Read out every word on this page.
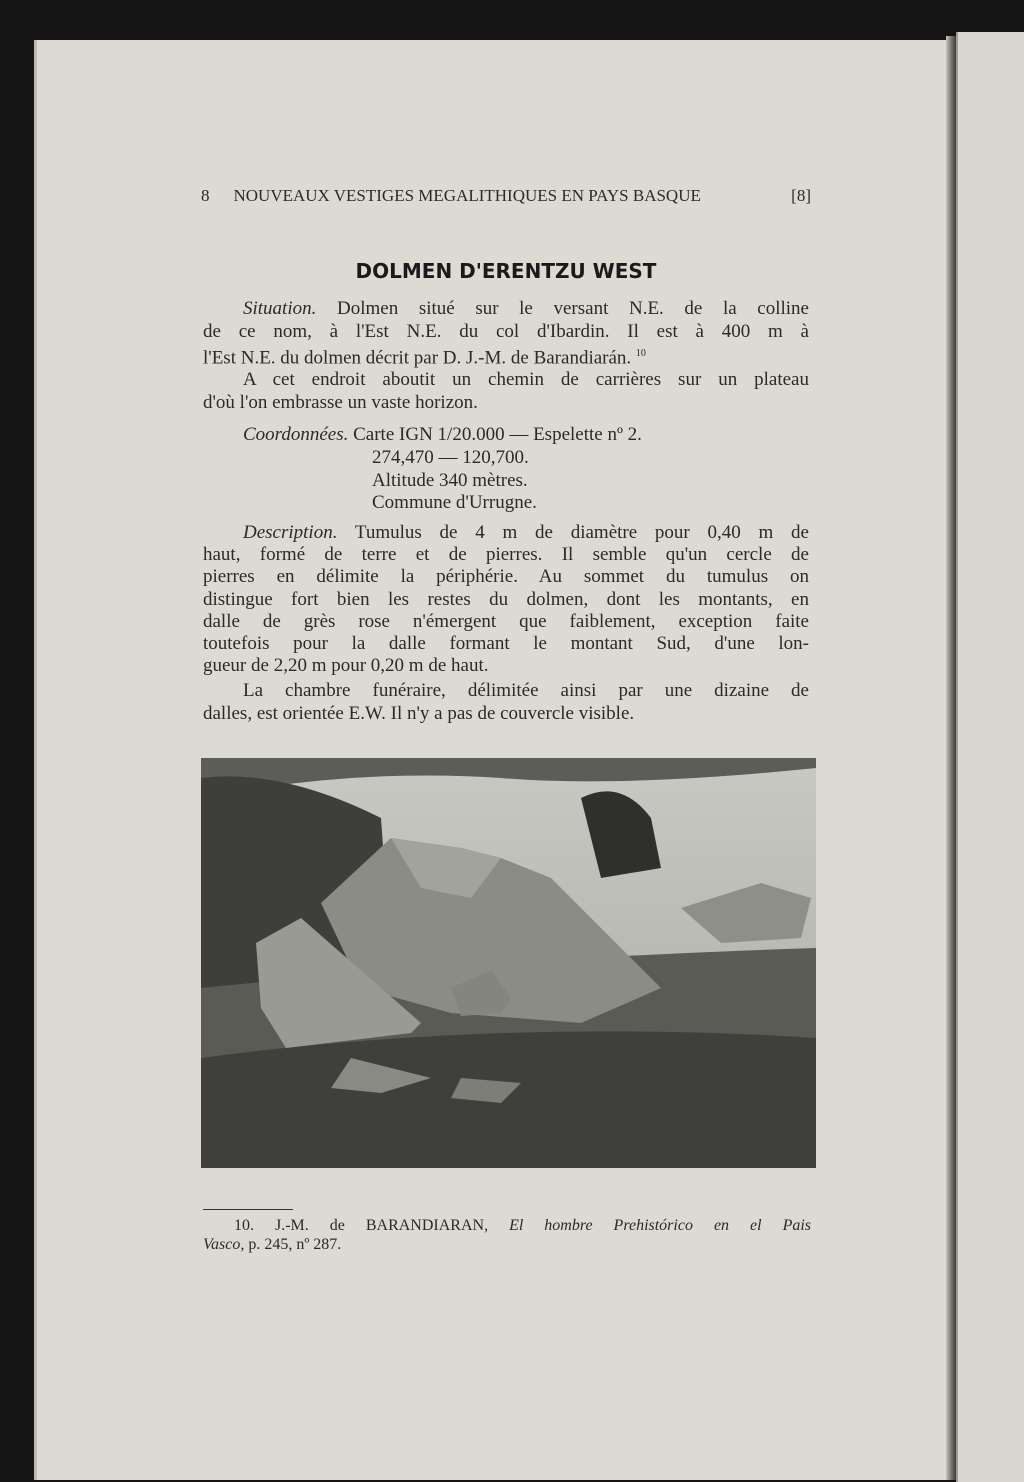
8 NOUVEAUX VESTIGES MEGALITHIQUES EN PAYS BASQUE	[8]
DOLMEN D'ERENTZU WEST
Situation. Dolmen situé sur le versant N.E. de la colline
de ce nom, à l'Est N.E. du col d'Ibardin. Il est à 400 m à
l'Est N.E. du dolmen décrit par D. J.-M. de Barandiarán. $^{10}$
A cet endroit aboutit un chemin de carrières sur un plateau
d'où l'on embrasse un vaste horizon.
Coordonnées. Carte IGN 1/20.000 — Espelette nº 2.
274,470 — 120,700.
Altitude 340 mètres.
Commune d'Urrugne.
Description. Tumulus de 4 m de diamètre pour 0,40 m de
haut, formé de terre et de pierres. Il semble qu'un cercle de
pierres en délimite la périphérie. Au sommet du tumulus on
distingue fort bien les restes du dolmen, dont les montants, en
dalle de grès rose n'émergent que faiblement, exception faite
toutefois pour la dalle formant le montant Sud, d'une lon-
gueur de 2,20 m pour 0,20 m de haut.
La chambre funéraire, délimitée ainsi par une dizaine de
dalles, est orientée E.W. Il n'y a pas de couvercle visible.
10. J.-M. de BARANDIARAN, El hombre Prehistórico en el Pais
Vasco, p. 245, nº 287.
